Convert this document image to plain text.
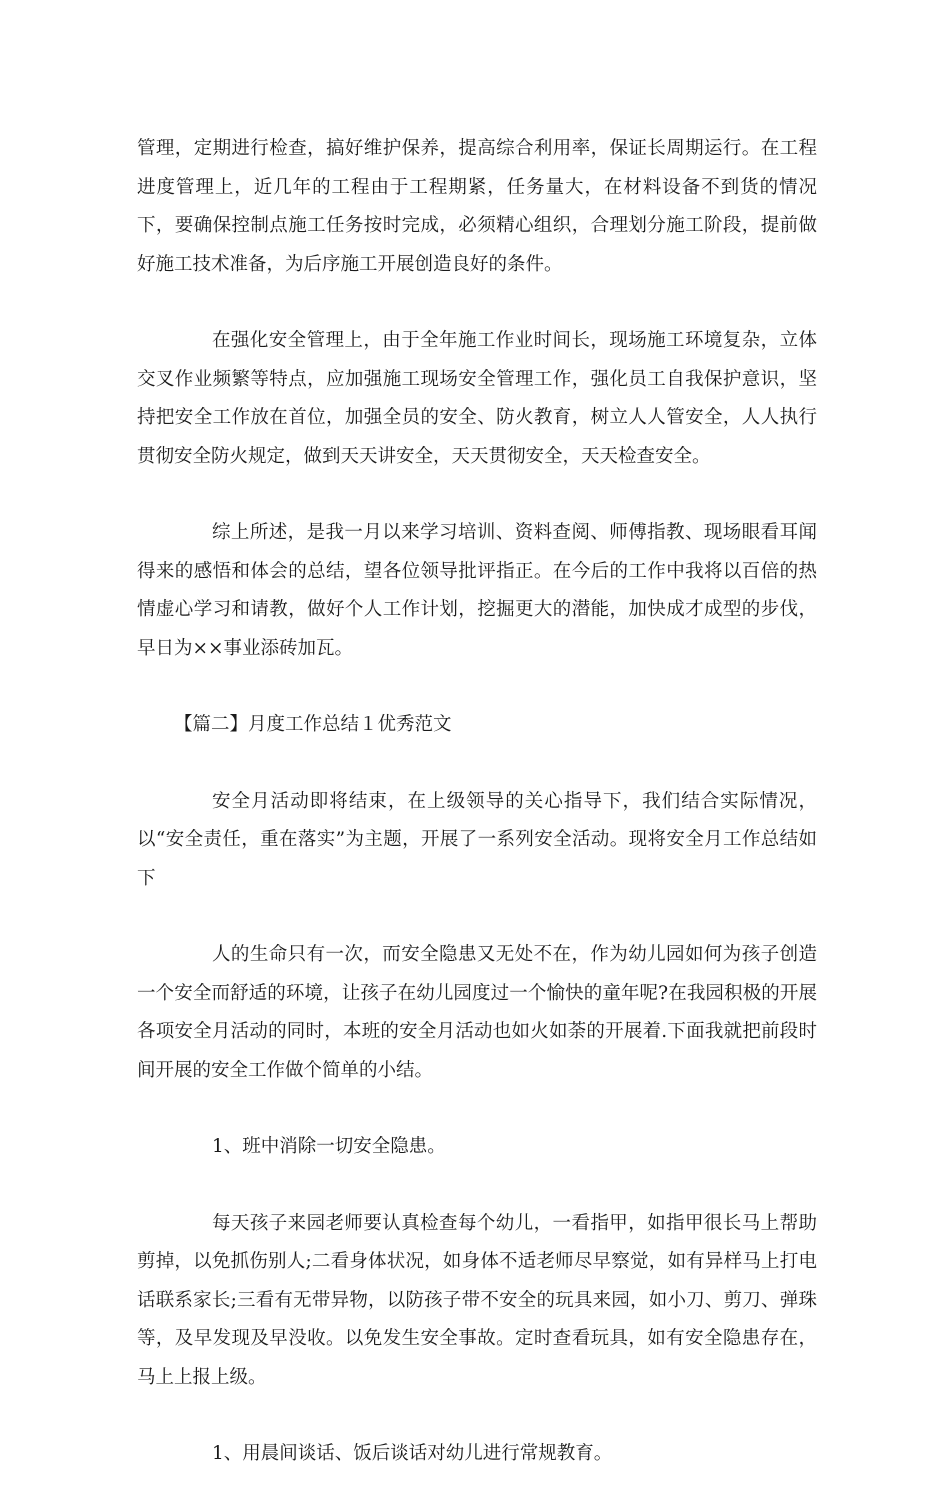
管理，定期进行检查，搞好维护保养，提高综合利用率，保证长周期运行。在工程进度管理上，近几年的工程由于工程期紧，任务量大，在材料设备不到货的情况下，要确保控制点施工任务按时完成，必须精心组织，合理划分施工阶段，提前做好施工技术准备，为后序施工开展创造良好的条件。

在强化安全管理上，由于全年施工作业时间长，现场施工环境复杂，立体交叉作业频繁等特点，应加强施工现场安全管理工作，强化员工自我保护意识，坚持把安全工作放在首位，加强全员的安全、防火教育，树立人人管安全，人人执行贯彻安全防火规定，做到天天讲安全，天天贯彻安全，天天检查安全。

综上所述，是我一月以来学习培训、资料查阅、师傅指教、现场眼看耳闻得来的感悟和体会的总结，望各位领导批评指正。在今后的工作中我将以百倍的热情虚心学习和请教，做好个人工作计划，挖掘更大的潜能，加快成才成型的步伐，早日为××事业添砖加瓦。

【篇二】月度工作总结１优秀范文

安全月活动即将结束，在上级领导的关心指导下，我们结合实际情况，以“安全责任，重在落实”为主题，开展了一系列安全活动。现将安全月工作总结如下

人的生命只有一次，而安全隐患又无处不在，作为幼儿园如何为孩子创造一个安全而舒适的环境，让孩子在幼儿园度过一个愉快的童年呢?在我园积极的开展各项安全月活动的同时，本班的安全月活动也如火如荼的开展着.下面我就把前段时间开展的安全工作做个简单的小结。

1、班中消除一切安全隐患。

每天孩子来园老师要认真检查每个幼儿，一看指甲，如指甲很长马上帮助剪掉，以免抓伤别人;二看身体状况，如身体不适老师尽早察觉，如有异样马上打电话联系家长;三看有无带异物，以防孩子带不安全的玩具来园，如小刀、剪刀、弹珠等，及早发现及早没收。以免发生安全事故。定时查看玩具，如有安全隐患存在，马上上报上级。

1、用晨间谈话、饭后谈话对幼儿进行常规教育。
